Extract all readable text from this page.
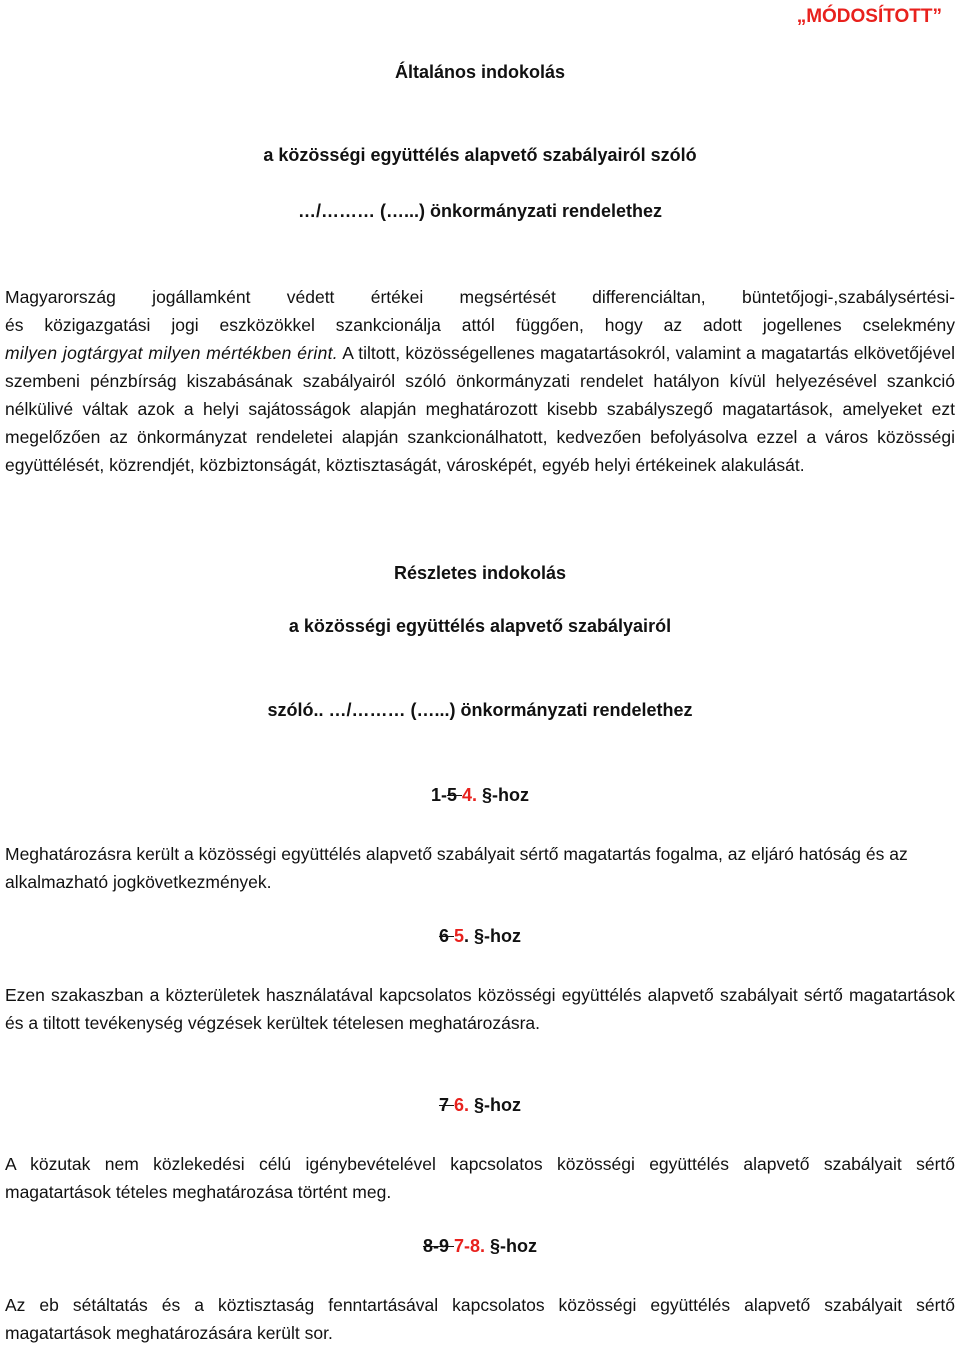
„MÓDOSÍTOTT”
Általános indokolás
a közösségi együttélés alapvető szabályairól szóló
…/……… (…...) önkormányzati rendelethez
Magyarország jogállamként védett értékei megsértését differenciáltan, büntetőjogi-,szabálysértési-
és közigazgatási jogi eszközökkel szankcionálja attól függően, hogy az adott jogellenes cselekmény
milyen jogtárgyat milyen mértékben érint. A tiltott, közösségellenes magatartásokról, valamint a magatartás elkövetőjével szembeni pénzbírság kiszabásának szabályairól szóló önkormányzati rendelet hatályon kívül helyezésével szankció nélkülivé váltak azok a helyi sajátosságok alapján meghatározott kisebb szabályszegő magatartások, amelyeket ezt megelőzően az önkormányzat rendeletei alapján szankcionálhatott, kedvezően befolyásolva ezzel a város közösségi együttélését, közrendjét, közbiztonságát, köztisztaságát, városképét, egyéb helyi értékeinek alakulását.
Részletes indokolás
a közösségi együttélés alapvető szabályairól
szóló.. …/……… (…...) önkormányzati rendelethez
1-5 4. §-hoz
Meghatározásra került a közösségi együttélés alapvető szabályait sértő magatartás fogalma, az eljáró hatóság és az alkalmazható jogkövetkezmények.
6 5. §-hoz
Ezen szakaszban a közterületek használatával kapcsolatos közösségi együttélés alapvető szabályait sértő magatartások és a tiltott tevékenység végzések kerültek tételesen meghatározásra.
7 6. §-hoz
A közutak nem közlekedési célú igénybevételével kapcsolatos közösségi együttélés alapvető szabályait sértő magatartások tételes meghatározása történt meg.
8-9 7-8. §-hoz
Az eb sétáltatás és a köztisztaság fenntartásával kapcsolatos közösségi együttélés alapvető szabályait sértő magatartások meghatározására került sor.
